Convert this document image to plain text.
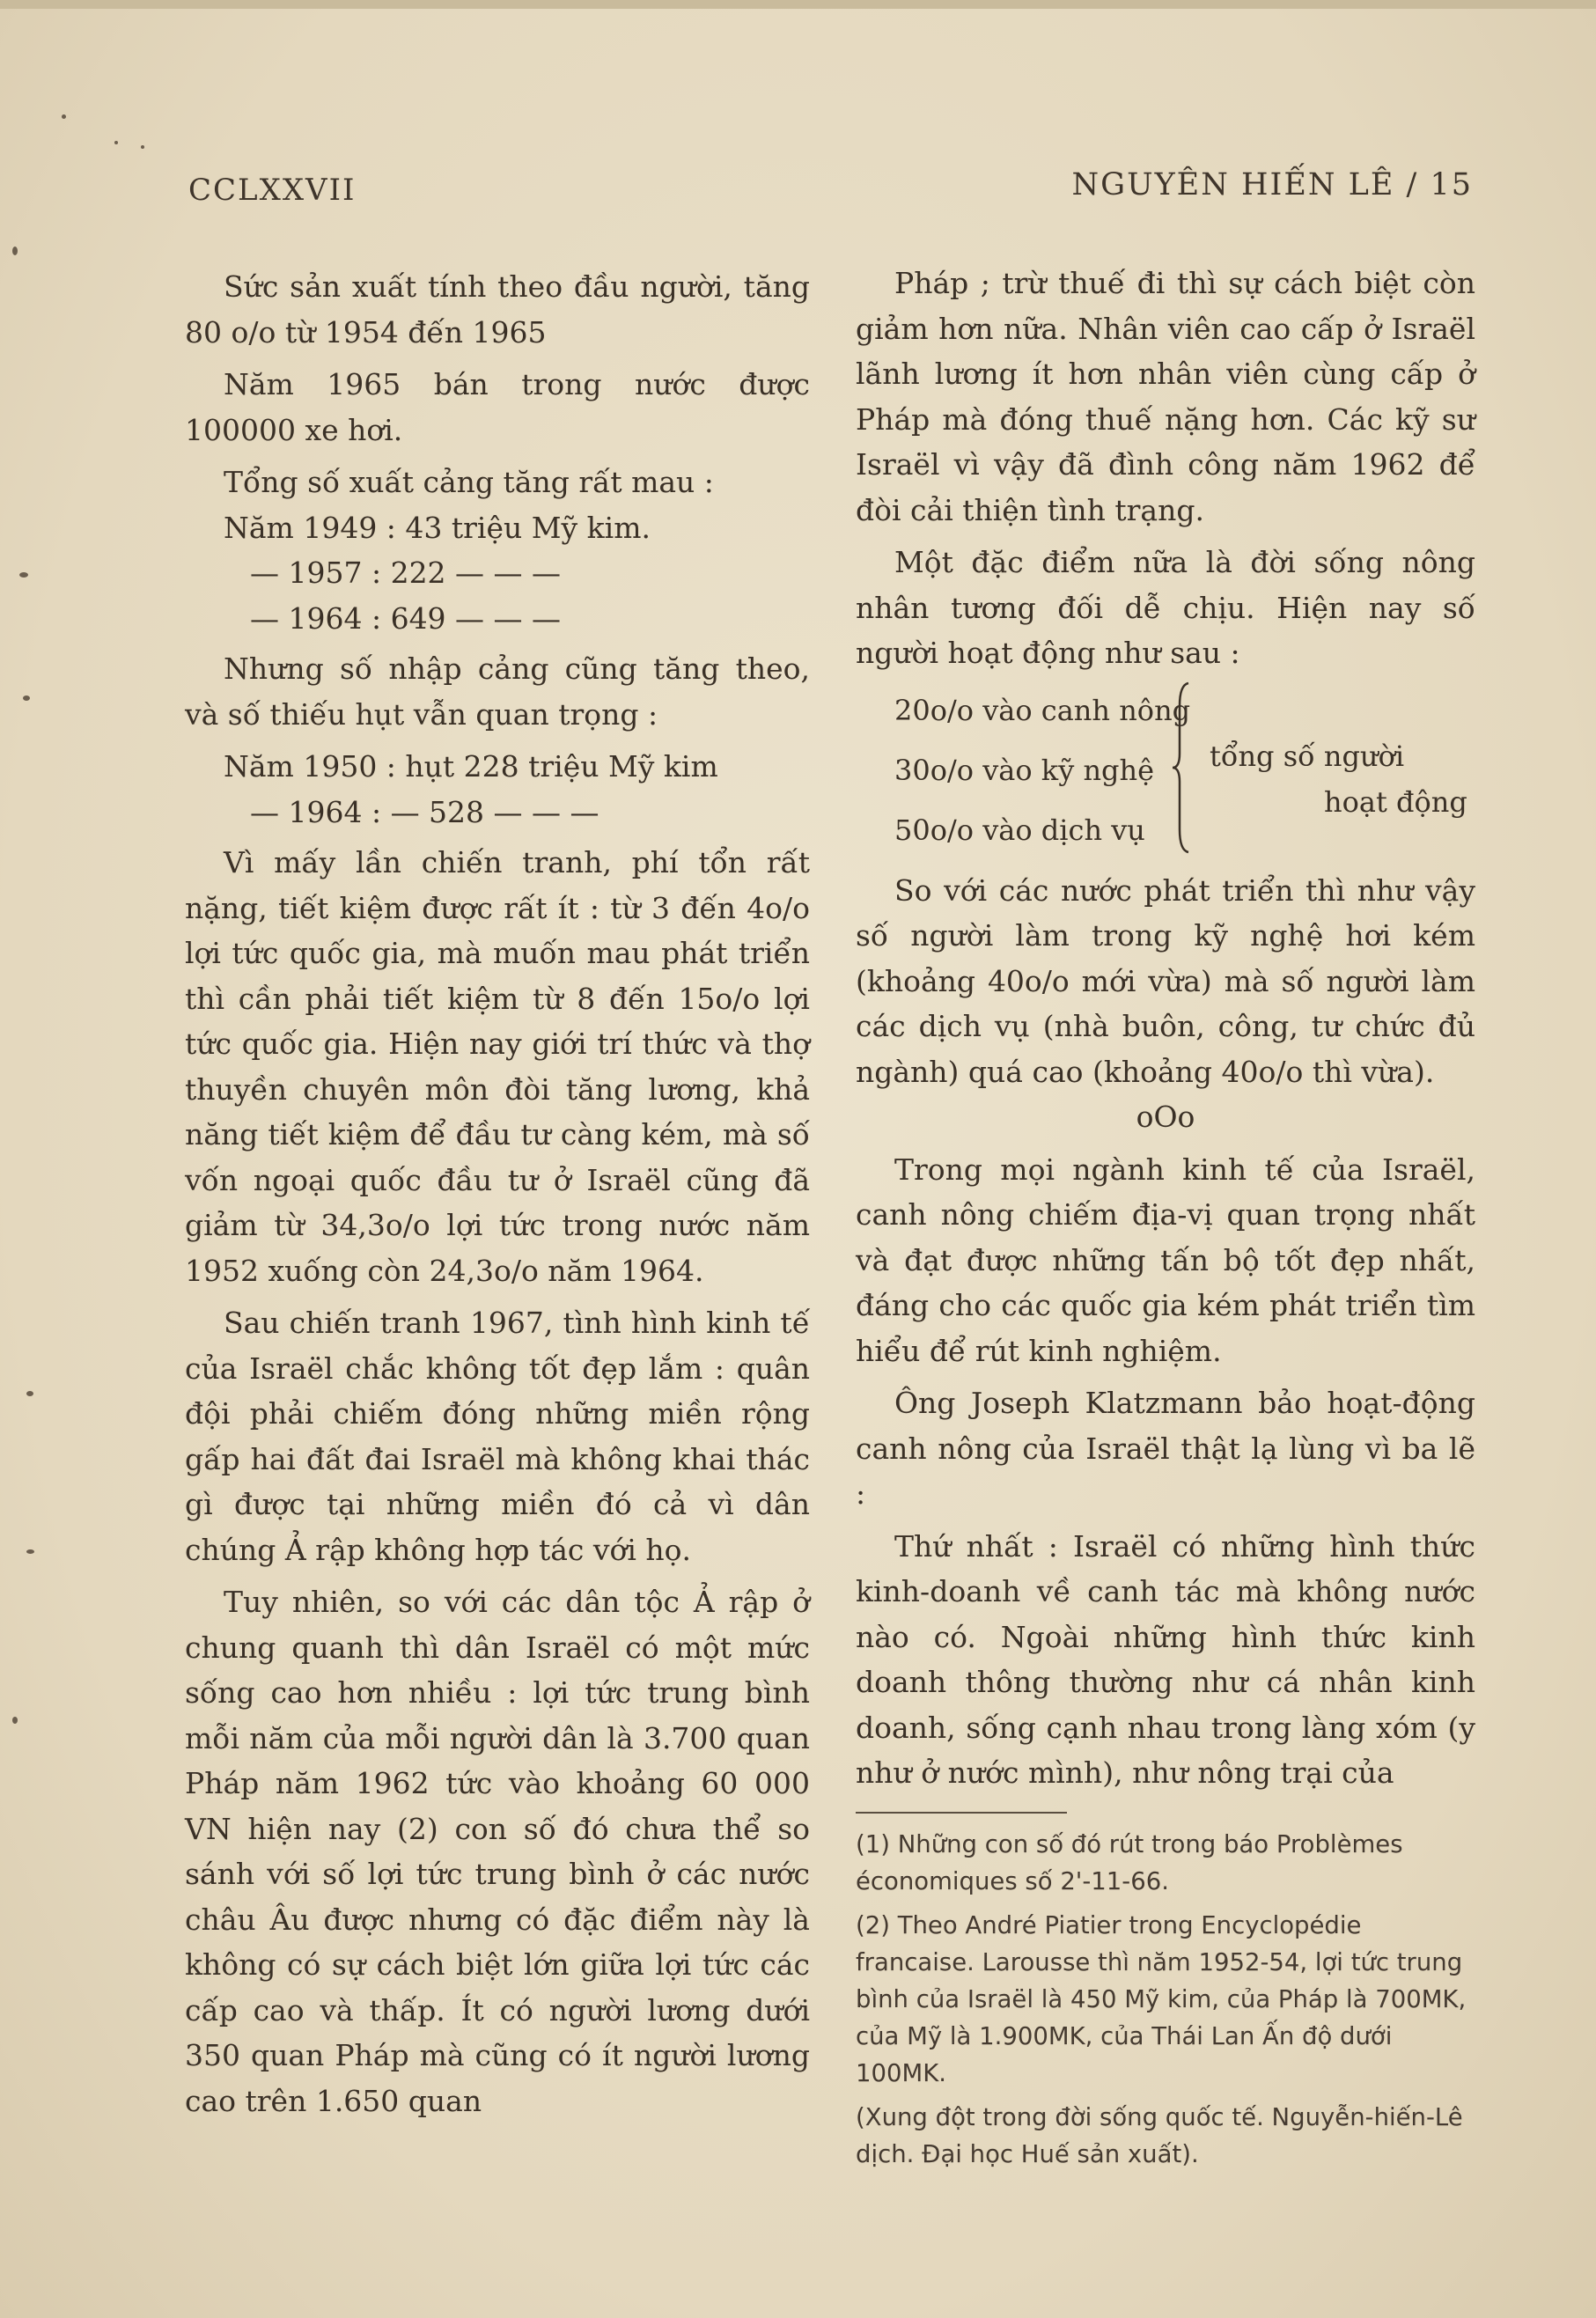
CCLXXVII	NGUYÊN HIẾN LÊ / 15

Sức sản xuất tính theo đầu người, tăng 80 o/o từ 1954 đến 1965

Năm 1965 bán trong nước được 100000 xe hơi.

Tổng số xuất cảng tăng rất mau :

Năm 1949 : 43 triệu Mỹ kim.
— 1957 : 222 — — —
— 1964 : 649 — — —

Nhưng số nhập cảng cũng tăng theo, và số thiếu hụt vẫn quan trọng :

Năm 1950 : hụt 228 triệu Mỹ kim
— 1964 : — 528 — — —

Vì mấy lần chiến tranh, phí tổn rất nặng, tiết kiệm được rất ít : từ 3 đến 4o/o lợi tức quốc gia, mà muốn mau phát triển thì cần phải tiết kiệm từ 8 đến 15o/o lợi tức quốc gia. Hiện nay giới trí thức và thợ thuyền chuyên môn đòi tăng lương, khả năng tiết kiệm để đầu tư càng kém, mà số vốn ngoại quốc đầu tư ở Israël cũng đã giảm từ 34,3o/o lợi tức trong nước năm 1952 xuống còn 24,3o/o năm 1964.

Sau chiến tranh 1967, tình hình kinh tế của Israël chắc không tốt đẹp lắm : quân đội phải chiếm đóng những miền rộng gấp hai đất đai Israël mà không khai thác gì được tại những miền đó cả vì dân chúng Ả rập không hợp tác với họ.

Tuy nhiên, so với các dân tộc Ả rập ở chung quanh thì dân Israël có một mức sống cao hơn nhiều : lợi tức trung bình mỗi năm của mỗi người dân là 3.700 quan Pháp năm 1962 tức vào khoảng 60 000 VN hiện nay (2) con số đó chưa thể so sánh với số lợi tức trung bình ở các nước châu Âu được nhưng có đặc điểm này là không có sự cách biệt lớn giữa lợi tức các cấp cao và thấp. Ít có người lương dưới 350 quan Pháp mà cũng có ít người lương cao trên 1.650 quan

Pháp ; trừ thuế đi thì sự cách biệt còn giảm hơn nữa. Nhân viên cao cấp ở Israël lãnh lương ít hơn nhân viên cùng cấp ở Pháp mà đóng thuế nặng hơn. Các kỹ sư Israël vì vậy đã đình công năm 1962 để đòi cải thiện tình trạng.

Một đặc điểm nữa là đời sống nông nhân tương đối dễ chịu. Hiện nay số người hoạt động như sau :

20o/o vào canh nông
30o/o vào kỹ nghệ
50o/o vào dịch vụ
tổng số người
hoạt động

So với các nước phát triển thì như vậy số người làm trong kỹ nghệ hơi kém (khoảng 40o/o mới vừa) mà số người làm các dịch vụ (nhà buôn, công, tư chức đủ ngành) quá cao (khoảng 40o/o thì vừa).

oOo

Trong mọi ngành kinh tế của Israël, canh nông chiếm địa-vị quan trọng nhất và đạt được những tấn bộ tốt đẹp nhất, đáng cho các quốc gia kém phát triển tìm hiểu để rút kinh nghiệm.

Ông Joseph Klatzmann bảo hoạt-động canh nông của Israël thật lạ lùng vì ba lẽ :

Thứ nhất : Israël có những hình thức kinh-doanh về canh tác mà không nước nào có. Ngoài những hình thức kinh doanh thông thường như cá nhân kinh doanh, sống cạnh nhau trong làng xóm (y như ở nước mình), như nông trại của

(1) Những con số đó rút trong báo Problèmes économiques số 2'-11-66.

(2) Theo André Piatier trong Encyclopédie francaise. Larousse thì năm 1952-54, lợi tức trung bình của Israël là 450 Mỹ kim, của Pháp là 700MK, của Mỹ là 1.900MK, của Thái Lan Ấn độ dưới 100MK.

(Xung đột trong đời sống quốc tế. Nguyễn-hiến-Lê dịch. Đại học Huế sản xuất).
